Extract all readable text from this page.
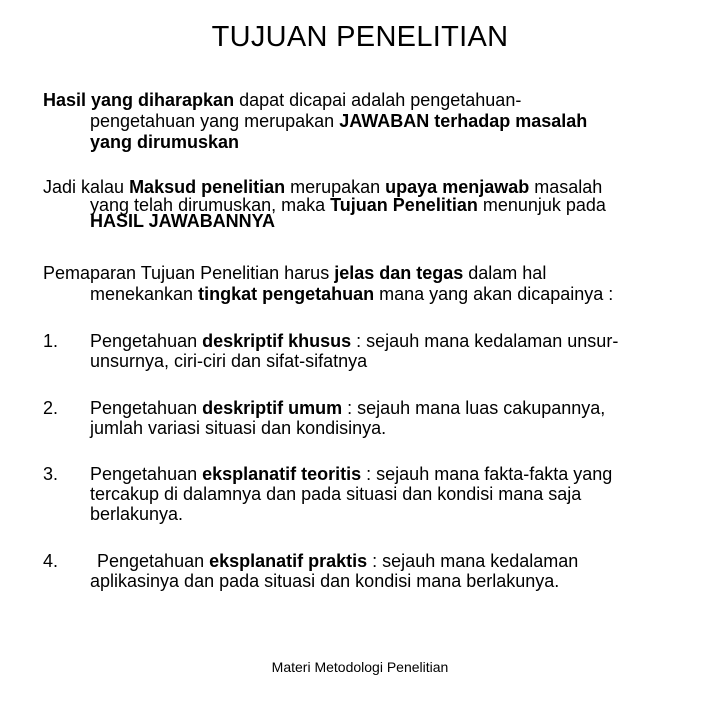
TUJUAN PENELITIAN
Hasil yang diharapkan dapat dicapai adalah pengetahuan-
pengetahuan yang merupakan JAWABAN terhadap masalah
yang dirumuskan
Jadi kalau Maksud penelitian merupakan upaya menjawab masalah
yang telah dirumuskan, maka Tujuan Penelitian menunjuk pada
HASIL JAWABANNYA
Pemaparan Tujuan Penelitian harus jelas dan tegas dalam hal
menekankan tingkat pengetahuan mana yang akan dicapainya :
1. Pengetahuan deskriptif khusus : sejauh mana kedalaman unsur-
unsurnya, ciri-ciri dan sifat-sifatnya
2. Pengetahuan deskriptif umum : sejauh mana luas cakupannya,
jumlah variasi situasi dan kondisinya.
3. Pengetahuan eksplanatif teoritis : sejauh mana fakta-fakta yang
tercakup di dalamnya dan pada situasi dan kondisi mana saja
berlakunya.
4. Pengetahuan eksplanatif praktis : sejauh mana kedalaman
aplikasinya dan pada situasi dan kondisi mana berlakunya.
Materi Metodologi Penelitian
